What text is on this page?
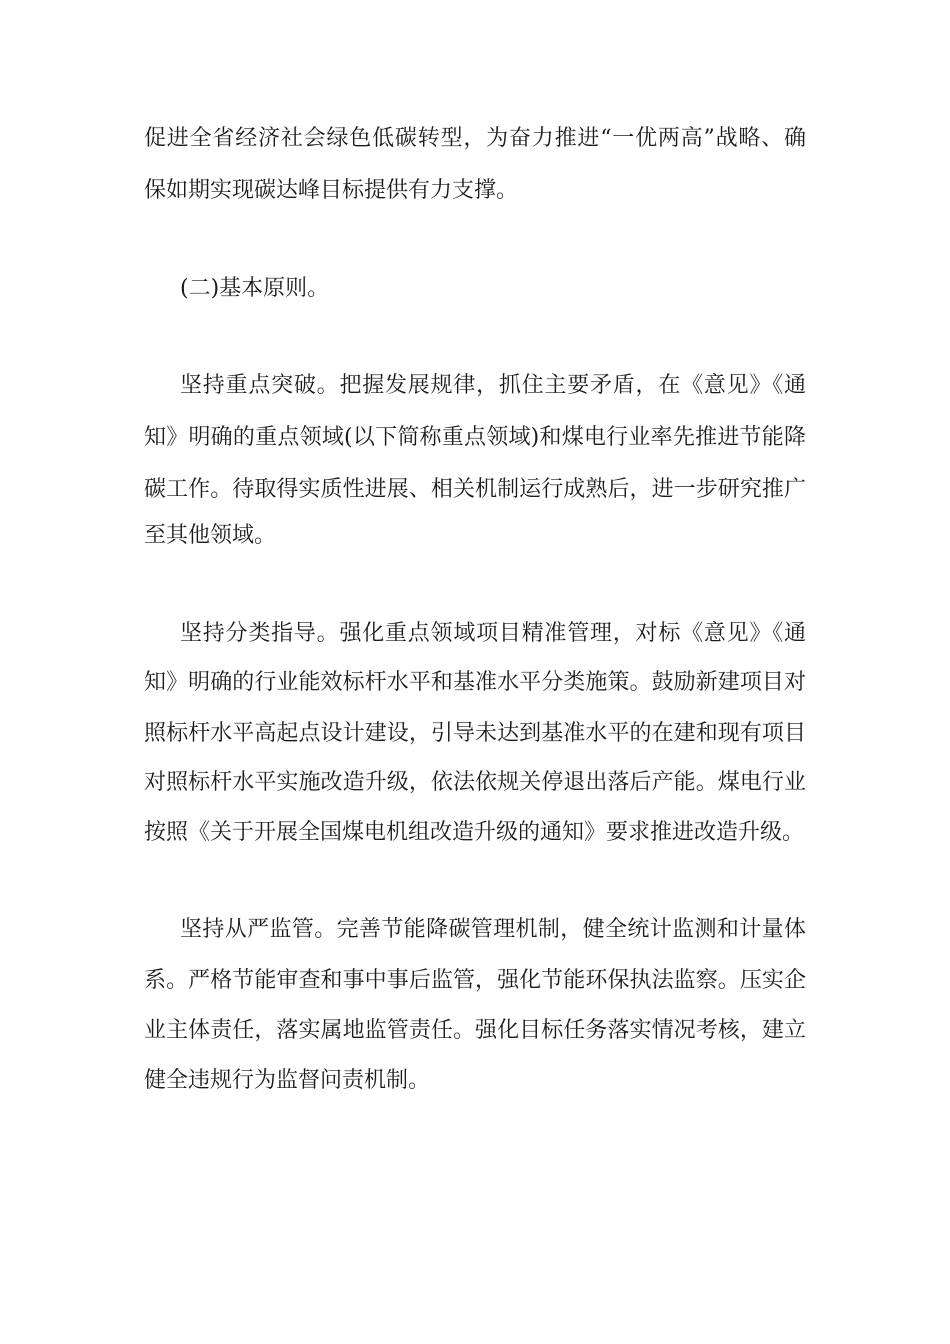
促进全省经济社会绿色低碳转型，为奋力推进“一优两高”战略、确
保如期实现碳达峰目标提供有力支撑。
(二)基本原则。
坚持重点突破。把握发展规律，抓住主要矛盾，在《意见》《通
知》明确的重点领域(以下简称重点领域)和煤电行业率先推进节能降
碳工作。待取得实质性进展、相关机制运行成熟后，进一步研究推广
至其他领域。
坚持分类指导。强化重点领域项目精准管理，对标《意见》《通
知》明确的行业能效标杆水平和基准水平分类施策。鼓励新建项目对
照标杆水平高起点设计建设，引导未达到基准水平的在建和现有项目
对照标杆水平实施改造升级，依法依规关停退出落后产能。煤电行业
按照《关于开展全国煤电机组改造升级的通知》要求推进改造升级。
坚持从严监管。完善节能降碳管理机制，健全统计监测和计量体
系。严格节能审查和事中事后监管，强化节能环保执法监察。压实企
业主体责任，落实属地监管责任。强化目标任务落实情况考核，建立
健全违规行为监督问责机制。
